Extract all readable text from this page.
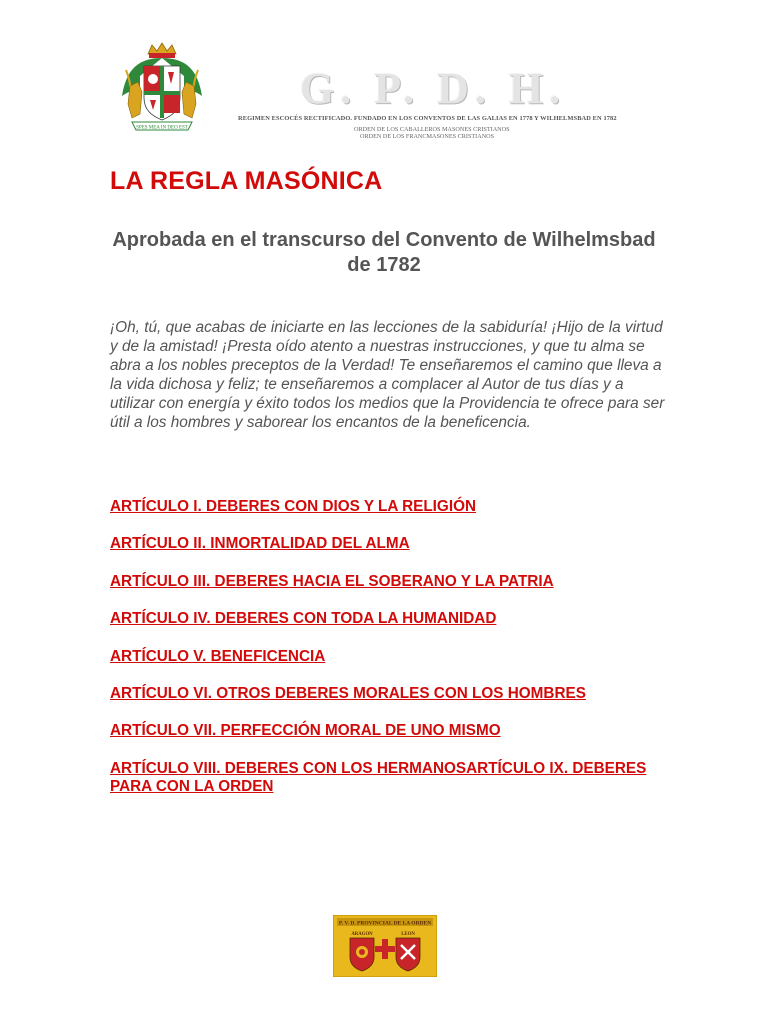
SPES MEA IN DEO EST
G. P. D. H.
REGIMEN ESCOCÉS RECTIFICADO. FUNDADO EN LOS CONVENTOS DE LAS GALIAS EN 1778 Y WILHELMSBAD EN 1782
ORDEN DE LOS CABALLEROS MASONES CRISTIANOS
ORDEN DE LOS FRANCMASONES CRISTIANOS
LA REGLA MASÓNICA
Aprobada en el transcurso del Convento de Wilhelmsbad de 1782

¡Oh, tú, que acabas de iniciarte en las lecciones de la sabiduría! ¡Hijo de la virtud y de la amistad! ¡Presta oído atento a nuestras instrucciones, y que tu alma se abra a los nobles preceptos de la Verdad! Te enseñaremos el camino que lleva a la vida dichosa y feliz; te enseñaremos a complacer al Autor de tus días y a utilizar con energía y éxito todos los medios que la Providencia te ofrece para ser útil a los hombres y saborear los encantos de la beneficencia.

ARTÍCULO I. DEBERES CON DIOS Y LA RELIGIÓN
ARTÍCULO II. INMORTALIDAD DEL ALMA
ARTÍCULO III. DEBERES HACIA EL SOBERANO Y LA PATRIA
ARTÍCULO IV. DEBERES CON TODA LA HUMANIDAD
ARTÍCULO V. BENEFICENCIA
ARTÍCULO VI. OTROS DEBERES MORALES CON LOS HOMBRES
ARTÍCULO VII. PERFECCIÓN MORAL DE UNO MISMO
ARTÍCULO VIII. DEBERES CON LOS HERMANOSARTÍCULO IX. DEBERES PARA CON LA ORDEN
P. V. D. PROVINCIAL DE LA ORDEN
ARAGON	LEON
